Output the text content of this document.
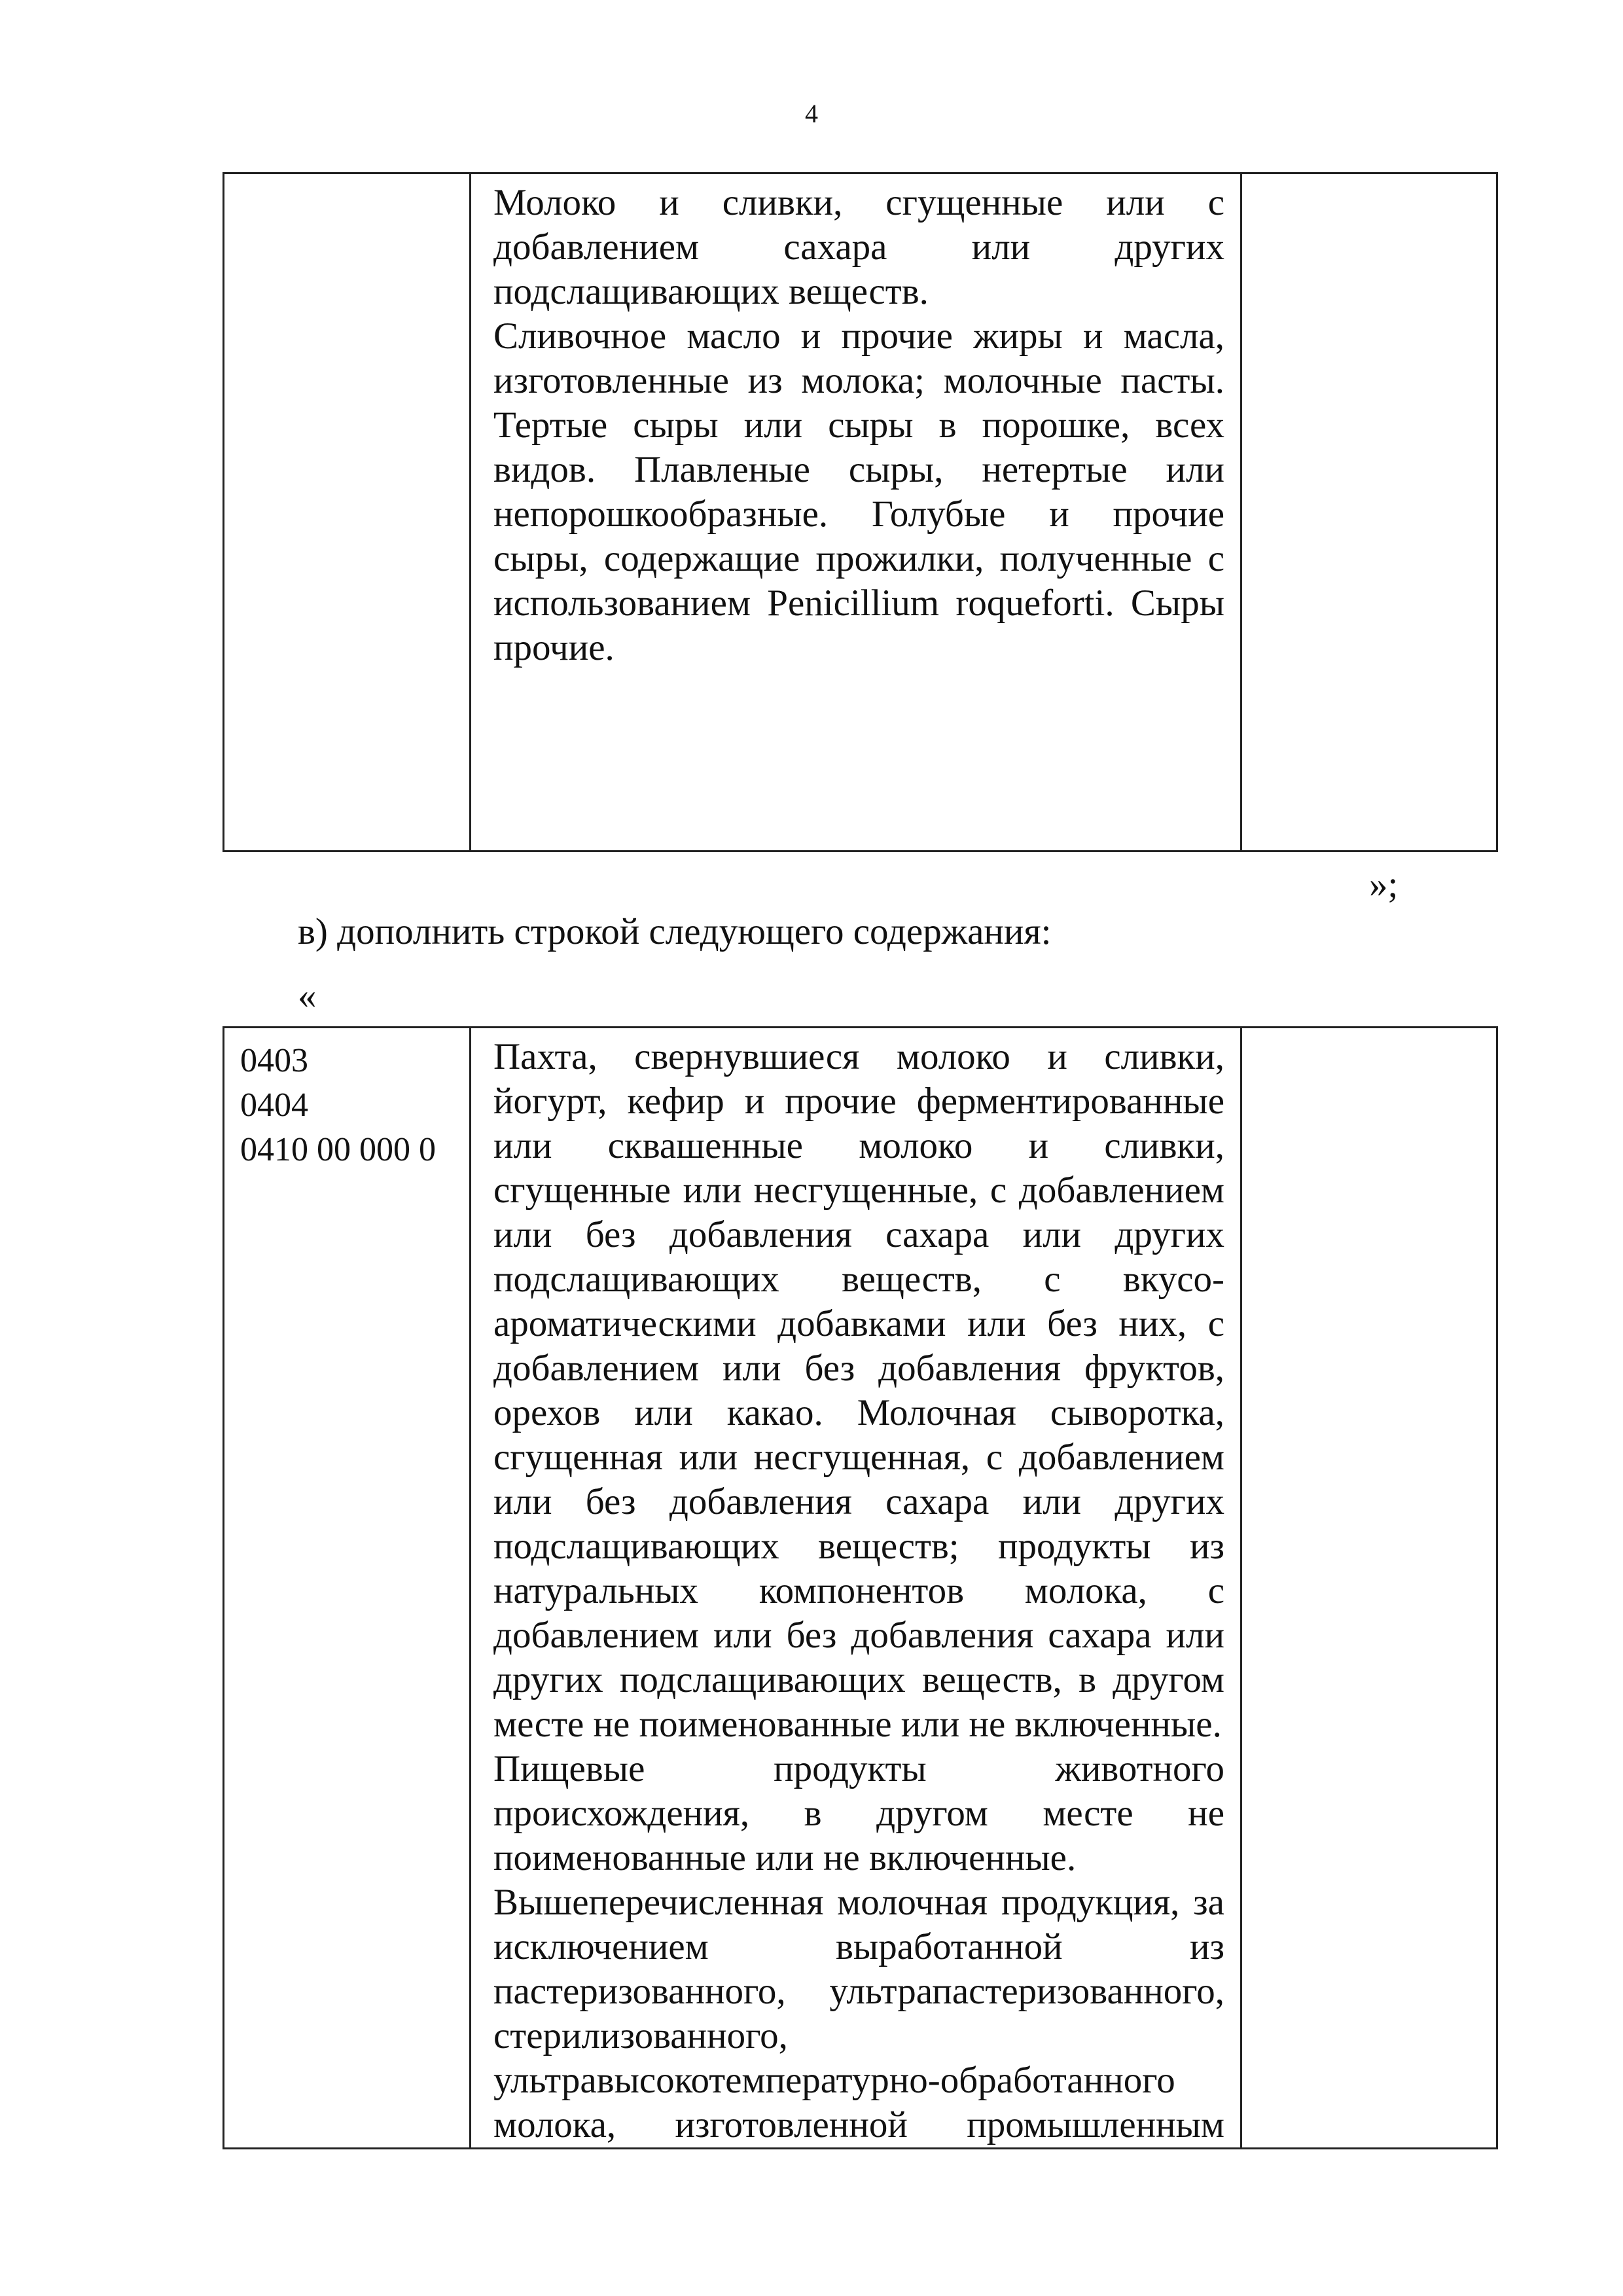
4

Молоко и сливки, сгущенные или с добавлением сахара или других подслащивающих веществ.

Сливочное масло и прочие жиры и масла, изготовленные из молока; молочные пасты. Тертые сыры или сыры в порошке, всех видов. Плавленые сыры, нетертые или непорошкообразные. Голубые и прочие сыры, содержащие прожилки, полученные с использованием Penicillium roqueforti. Сыры прочие.

»;
в) дополнить строкой следующего содержания:
«
0403
0404
0410 00 000 0

Пахта, свернувшиеся молоко и сливки, йогурт, кефир и прочие ферментированные или сквашенные молоко и сливки, сгущенные или несгущенные, с добавлением или без добавления сахара или других подслащивающих веществ, с вкусо-ароматическими добавками или без них, с добавлением или без добавления фруктов, орехов или какао. Молочная сыворотка, сгущенная или несгущенная, с добавлением или без добавления сахара или других подслащивающих веществ; продукты из натуральных компонентов молока, с добавлением или без добавления сахара или других подслащивающих веществ, в другом месте не поименованные или не включенные.

Пищевые продукты животного происхождения, в другом месте не поименованные или не включенные.

Вышеперечисленная молочная продукция, за исключением выработанной из пастеризованного, ультрапастеризованного, стерилизованного, ультравысокотемпературно-обработанного молока, изготовленной промышленным
